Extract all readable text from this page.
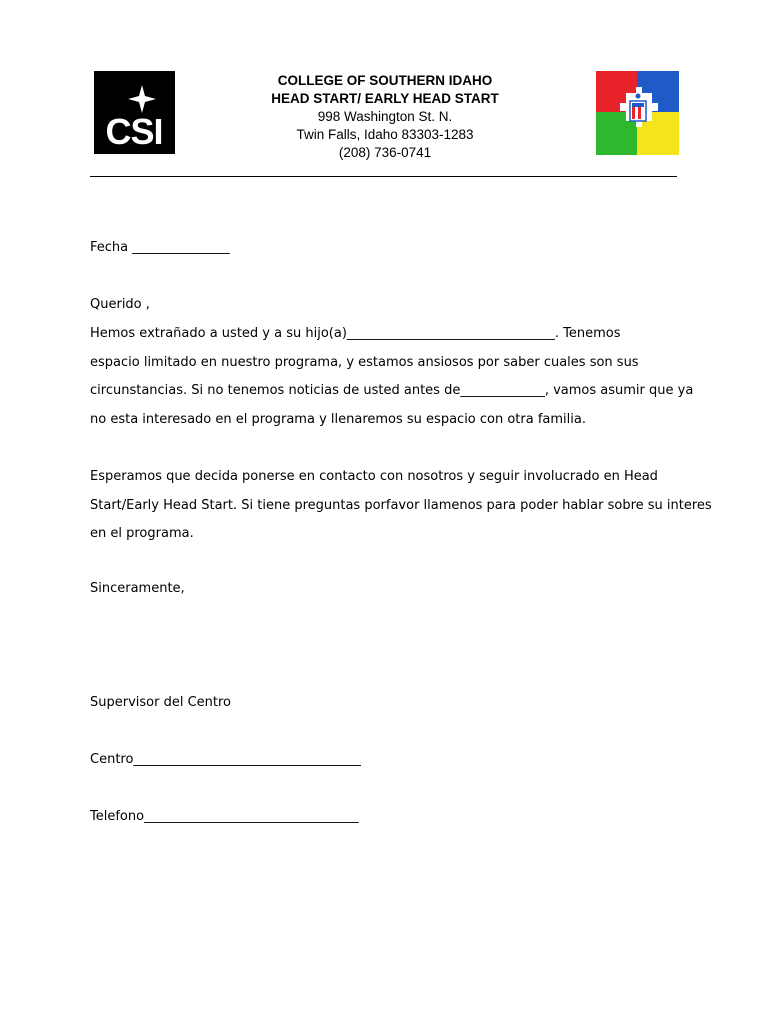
CSI
COLLEGE OF SOUTHERN IDAHO
HEAD START/ EARLY HEAD START
998 Washington St. N.
Twin Falls, Idaho 83303-1283
(208) 736-0741
Fecha _______________
Querido ,
Hemos extrañado a usted y a su hijo(a)________________________________. Tenemos
espacio limitado en nuestro programa, y estamos ansiosos por saber cuales son sus
circunstancias. Si no tenemos noticias de usted antes de_____________, vamos asumir que ya
no esta interesado en el programa y llenaremos su espacio con otra familia.
Esperamos que decida ponerse en contacto con nosotros y seguir involucrado en Head
Start/Early Head Start. Si tiene preguntas porfavor llamenos para poder hablar sobre su interes
en el programa.
Sinceramente,
Supervisor del Centro
Centro___________________________________
Telefono_________________________________
